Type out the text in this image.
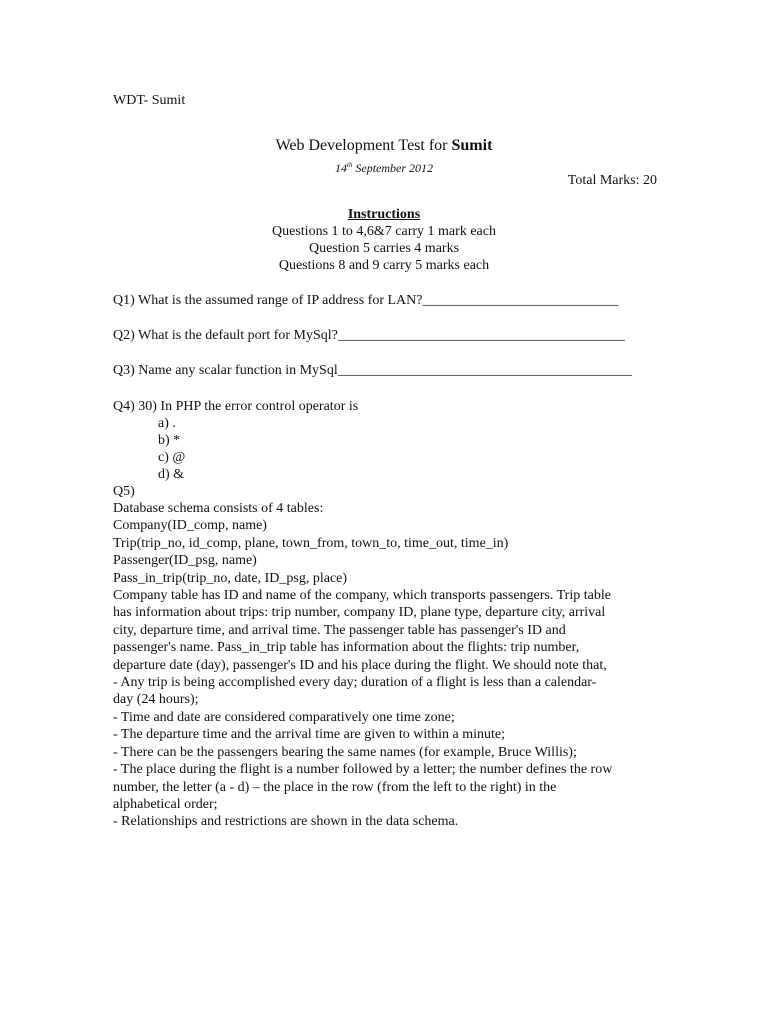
WDT- Sumit
Web Development Test for Sumit
14th September 2012
Total Marks: 20
Instructions
Questions 1 to 4,6&7 carry 1 mark each
Question 5 carries 4 marks
Questions 8 and 9 carry 5 marks each
Q1) What is the assumed range of IP address for LAN?____________________________
Q2) What is the default port for MySql?_________________________________________
Q3) Name any scalar function in MySql__________________________________________
Q4) 30) In PHP the error control operator is
a) .
b) *
c) @
d) &
Q5)
Database schema consists of 4 tables:
Company(ID_comp, name)
Trip(trip_no, id_comp, plane, town_from, town_to, time_out, time_in)
Passenger(ID_psg, name)
Pass_in_trip(trip_no, date, ID_psg, place)
Company table has ID and name of the company, which transports passengers. Trip table
has information about trips: trip number, company ID, plane type, departure city, arrival
city, departure time, and arrival time. The passenger table has passenger's ID and
passenger's name. Pass_in_trip table has information about the flights: trip number,
departure date (day), passenger's ID and his place during the flight. We should note that,
- Any trip is being accomplished every day; duration of a flight is less than a calendar-
day (24 hours);
- Time and date are considered comparatively one time zone;
- The departure time and the arrival time are given to within a minute;
- There can be the passengers bearing the same names (for example, Bruce Willis);
- The place during the flight is a number followed by a letter; the number defines the row
number, the letter (a - d) – the place in the row (from the left to the right) in the
alphabetical order;
- Relationships and restrictions are shown in the data schema.
